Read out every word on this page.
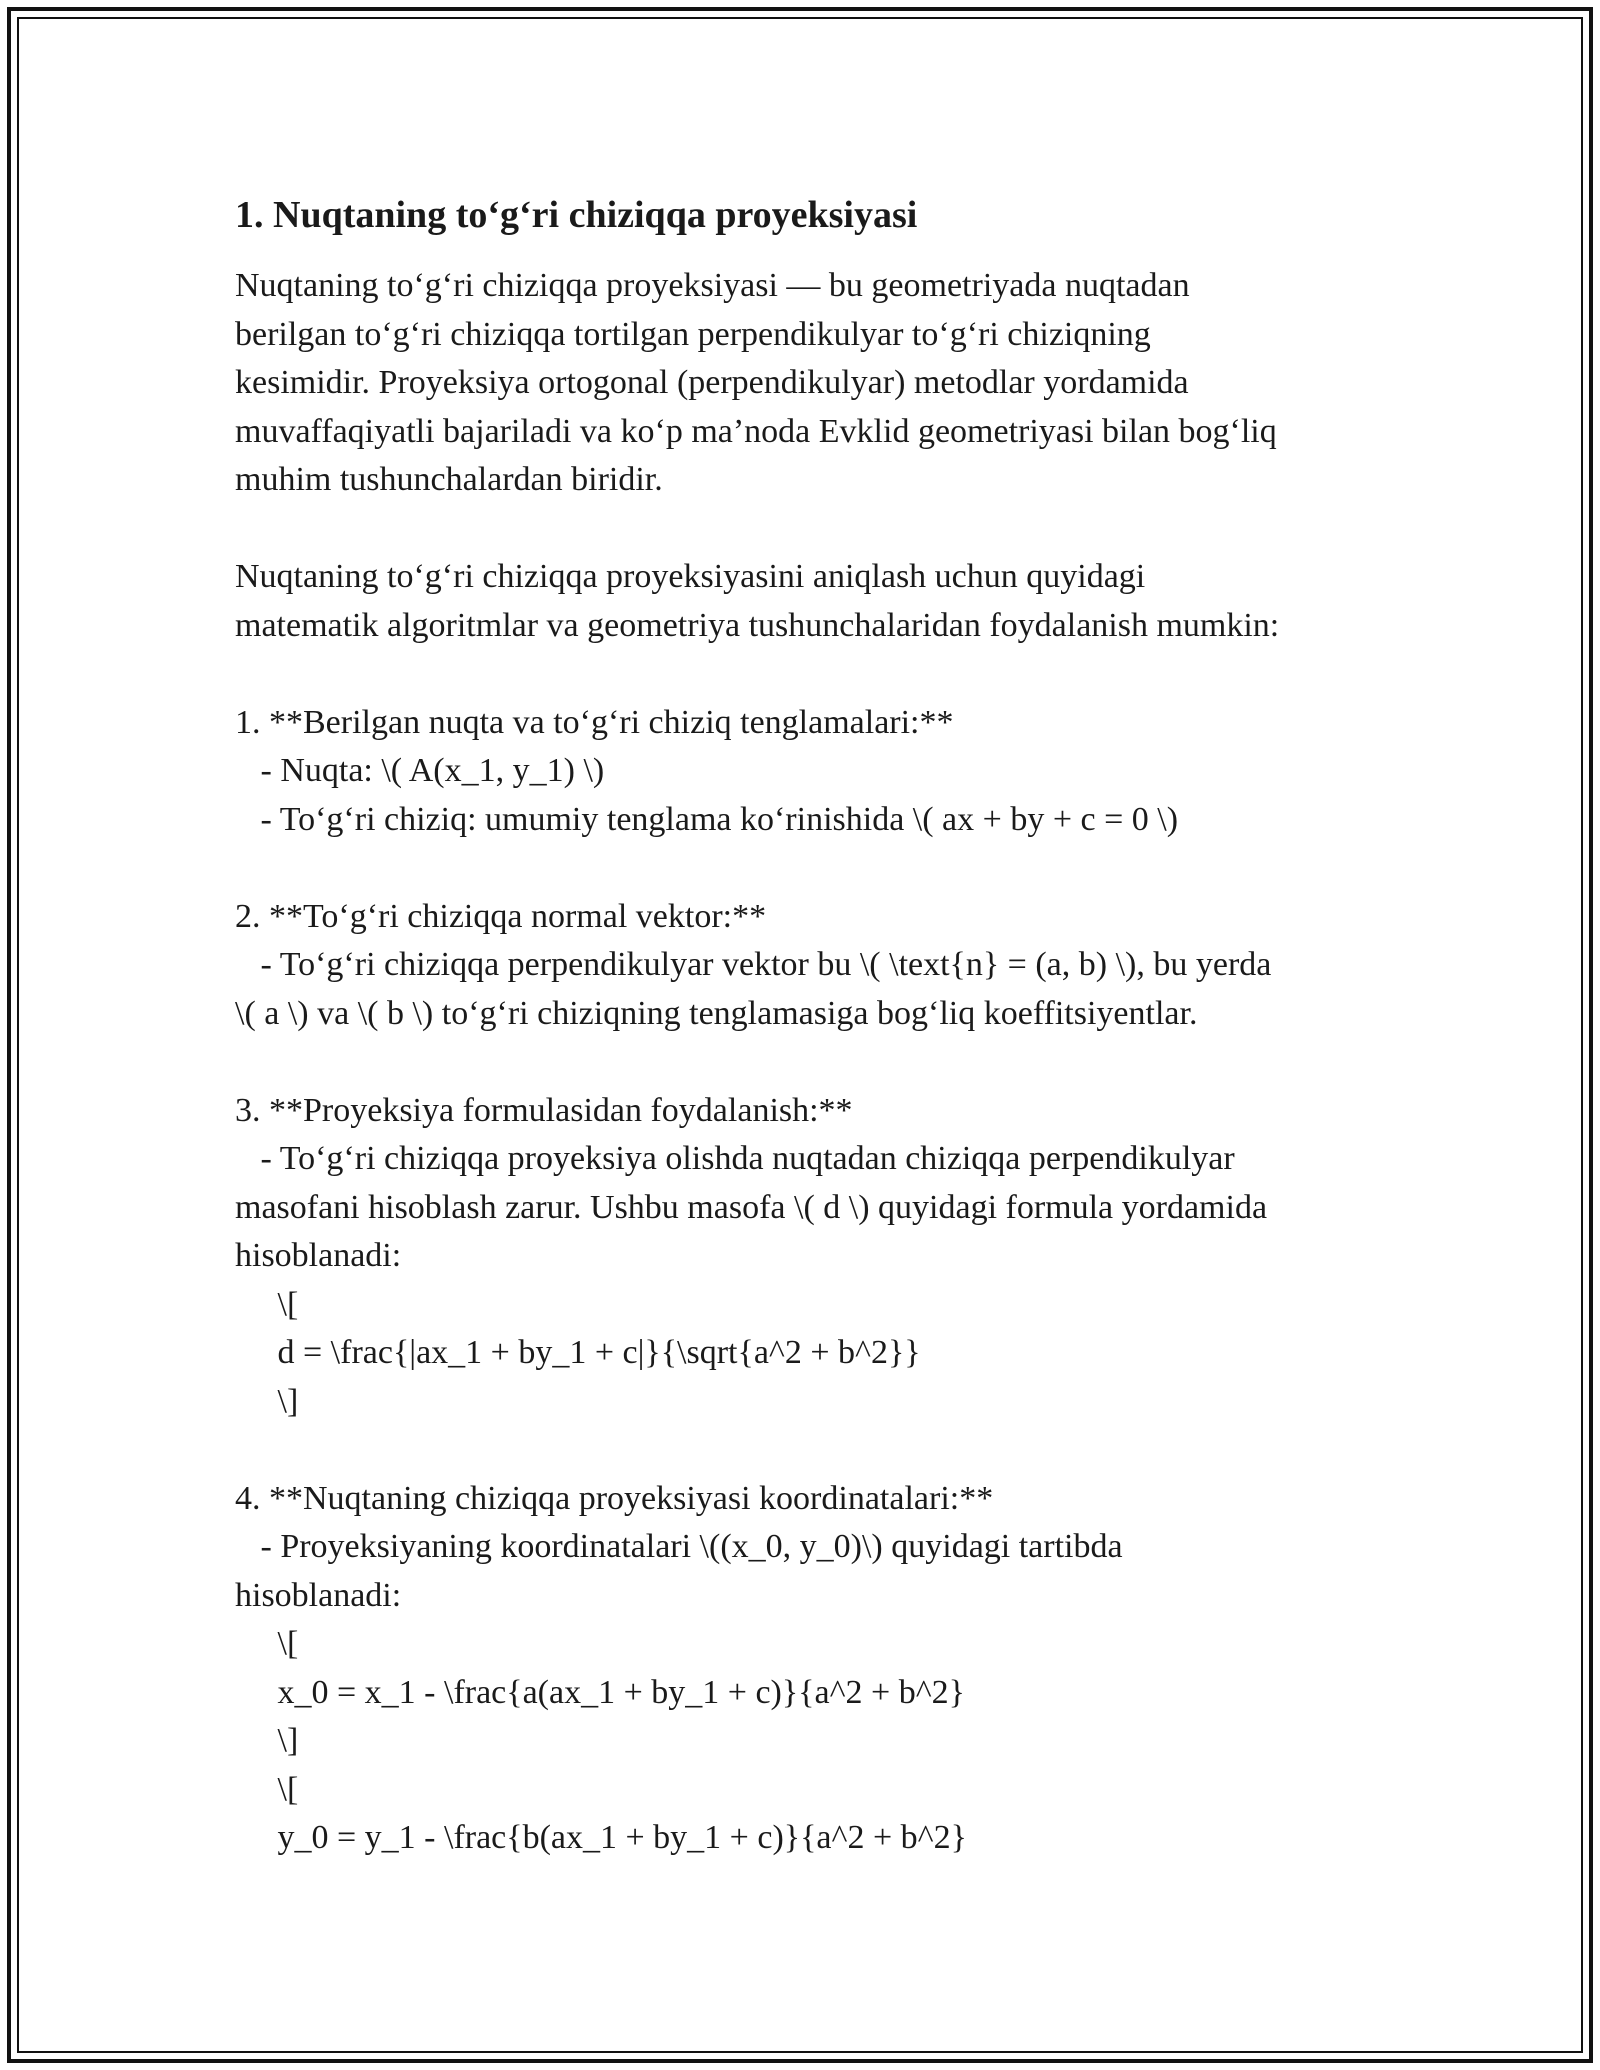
1. Nuqtaning to‘g‘ri chiziqqa proyeksiyasi

Nuqtaning to‘g‘ri chiziqqa proyeksiyasi — bu geometriyada nuqtadan
berilgan to‘g‘ri chiziqqa tortilgan perpendikulyar to‘g‘ri chiziqning
kesimidir. Proyeksiya ortogonal (perpendikulyar) metodlar yordamida
muvaffaqiyatli bajariladi va ko‘p ma’noda Evklid geometriyasi bilan bog‘liq
muhim tushunchalardan biridir.

Nuqtaning to‘g‘ri chiziqqa proyeksiyasini aniqlash uchun quyidagi
matematik algoritmlar va geometriya tushunchalaridan foydalanish mumkin:

1. **Berilgan nuqta va to‘g‘ri chiziq tenglamalari:**
- Nuqta: \( A(x_1, y_1) \)
- To‘g‘ri chiziq: umumiy tenglama ko‘rinishida \( ax + by + c = 0 \)

2. **To‘g‘ri chiziqqa normal vektor:**
- To‘g‘ri chiziqqa perpendikulyar vektor bu \( \text{n} = (a, b) \), bu yerda
\( a \) va \( b \) to‘g‘ri chiziqning tenglamasiga bog‘liq koeffitsiyentlar.

3. **Proyeksiya formulasidan foydalanish:**
- To‘g‘ri chiziqqa proyeksiya olishda nuqtadan chiziqqa perpendikulyar
masofani hisoblash zarur. Ushbu masofa \( d \) quyidagi formula yordamida
hisoblanadi:
\[
d = \frac{|ax_1 + by_1 + c|}{\sqrt{a^2 + b^2}}
\]

4. **Nuqtaning chiziqqa proyeksiyasi koordinatalari:**
- Proyeksiyaning koordinatalari \((x_0, y_0)\) quyidagi tartibda
hisoblanadi:
\[
x_0 = x_1 - \frac{a(ax_1 + by_1 + c)}{a^2 + b^2}
\]
\[
y_0 = y_1 - \frac{b(ax_1 + by_1 + c)}{a^2 + b^2}
